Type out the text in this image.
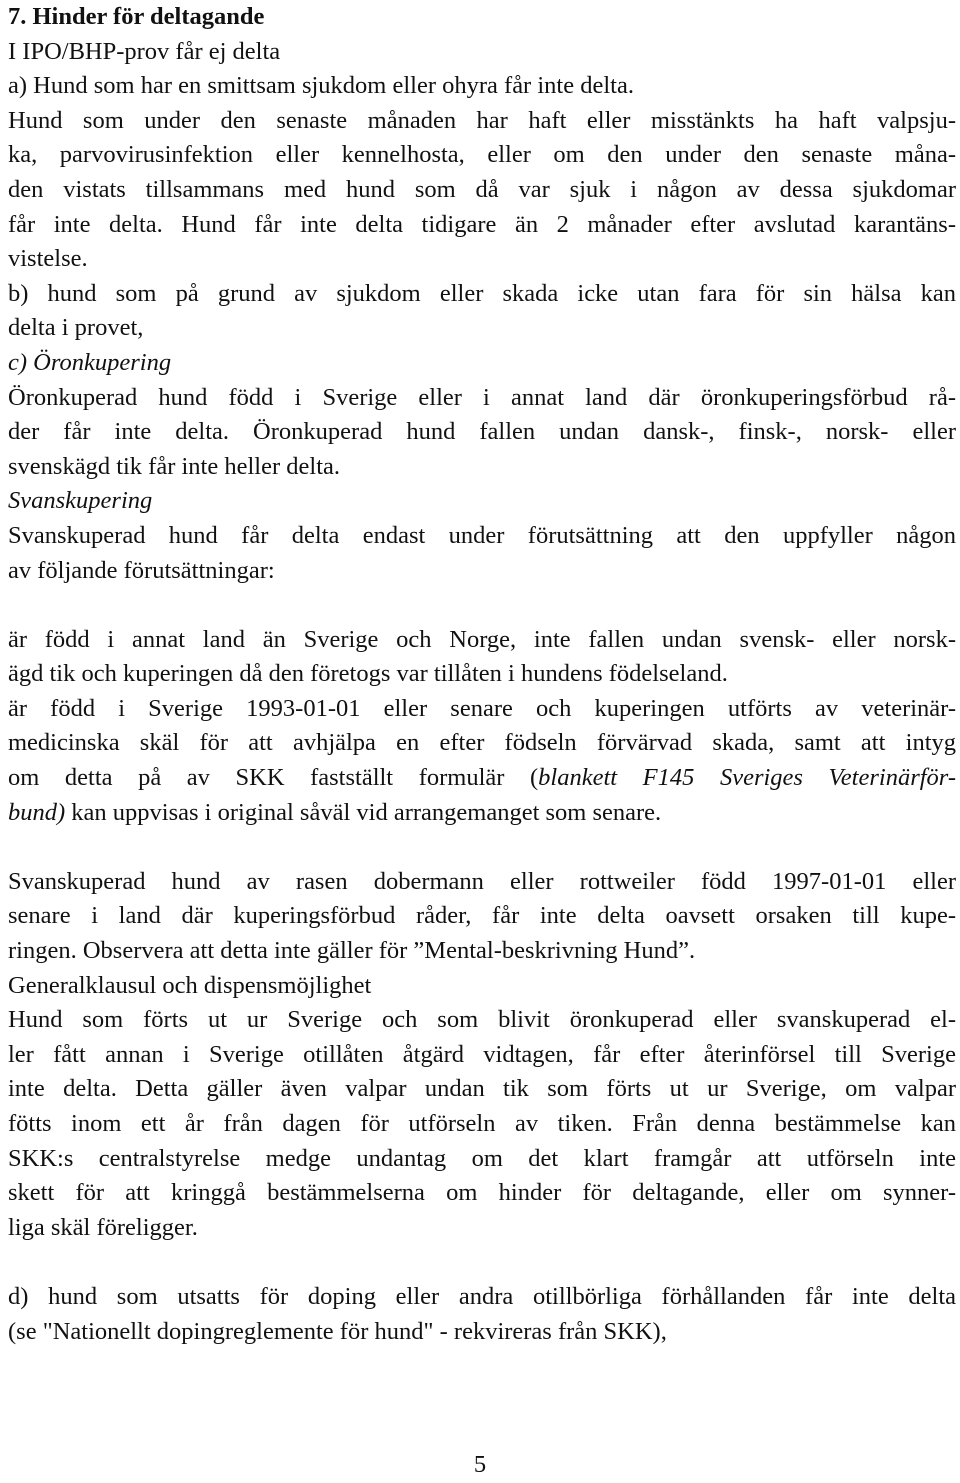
7. Hinder för deltagande
I IPO/BHP-prov får ej delta
a) Hund som har en smittsam sjukdom eller ohyra får inte delta.
Hund som under den senaste månaden har haft eller misstänkts ha haft valpsju-
ka, parvovirusinfektion eller kennelhosta, eller om den under den senaste måna-
den vistats tillsammans med hund som då var sjuk i någon av dessa sjukdomar
får inte delta. Hund får inte delta tidigare än 2 månader efter avslutad karantäns-
vistelse.
b) hund som på grund av sjukdom eller skada icke utan fara för sin hälsa kan
delta i provet,
c) Öronkupering
Öronkuperad hund född i Sverige eller i annat land där öronkuperingsförbud rå-
der får inte delta. Öronkuperad hund fallen undan dansk-, finsk-, norsk- eller
svenskägd tik får inte heller delta.
Svanskupering
Svanskuperad hund får delta endast under förutsättning att den uppfyller någon
av följande förutsättningar:
är född i annat land än Sverige och Norge, inte fallen undan svensk- eller norsk-
ägd tik och kuperingen då den företogs var tillåten i hundens födelseland.
är född i Sverige 1993-01-01 eller senare och kuperingen utförts av veterinär-
medicinska skäl för att avhjälpa en efter födseln förvärvad skada, samt att intyg
om detta på av SKK fastställt formulär (blankett F145 Sveriges Veterinärför-
bund) kan uppvisas i original såväl vid arrangemanget som senare.
Svanskuperad hund av rasen dobermann eller rottweiler född 1997-01-01 eller
senare i land där kuperingsförbud råder, får inte delta oavsett orsaken till kupe-
ringen. Observera att detta inte gäller för ”Mental-beskrivning Hund”.
Generalklausul och dispensmöjlighet
Hund som förts ut ur Sverige och som blivit öronkuperad eller svanskuperad el-
ler fått annan i Sverige otillåten åtgärd vidtagen, får efter återinförsel till Sverige
inte delta. Detta gäller även valpar undan tik som förts ut ur Sverige, om valpar
fötts inom ett år från dagen för utförseln av tiken. Från denna bestämmelse kan
SKK:s centralstyrelse medge undantag om det klart framgår att utförseln inte
skett för att kringgå bestämmelserna om hinder för deltagande, eller om synner-
liga skäl föreligger.
d) hund som utsatts för doping eller andra otillbörliga förhållanden får inte delta
(se "Nationellt dopingreglemente för hund" - rekvireras från SKK),
5
